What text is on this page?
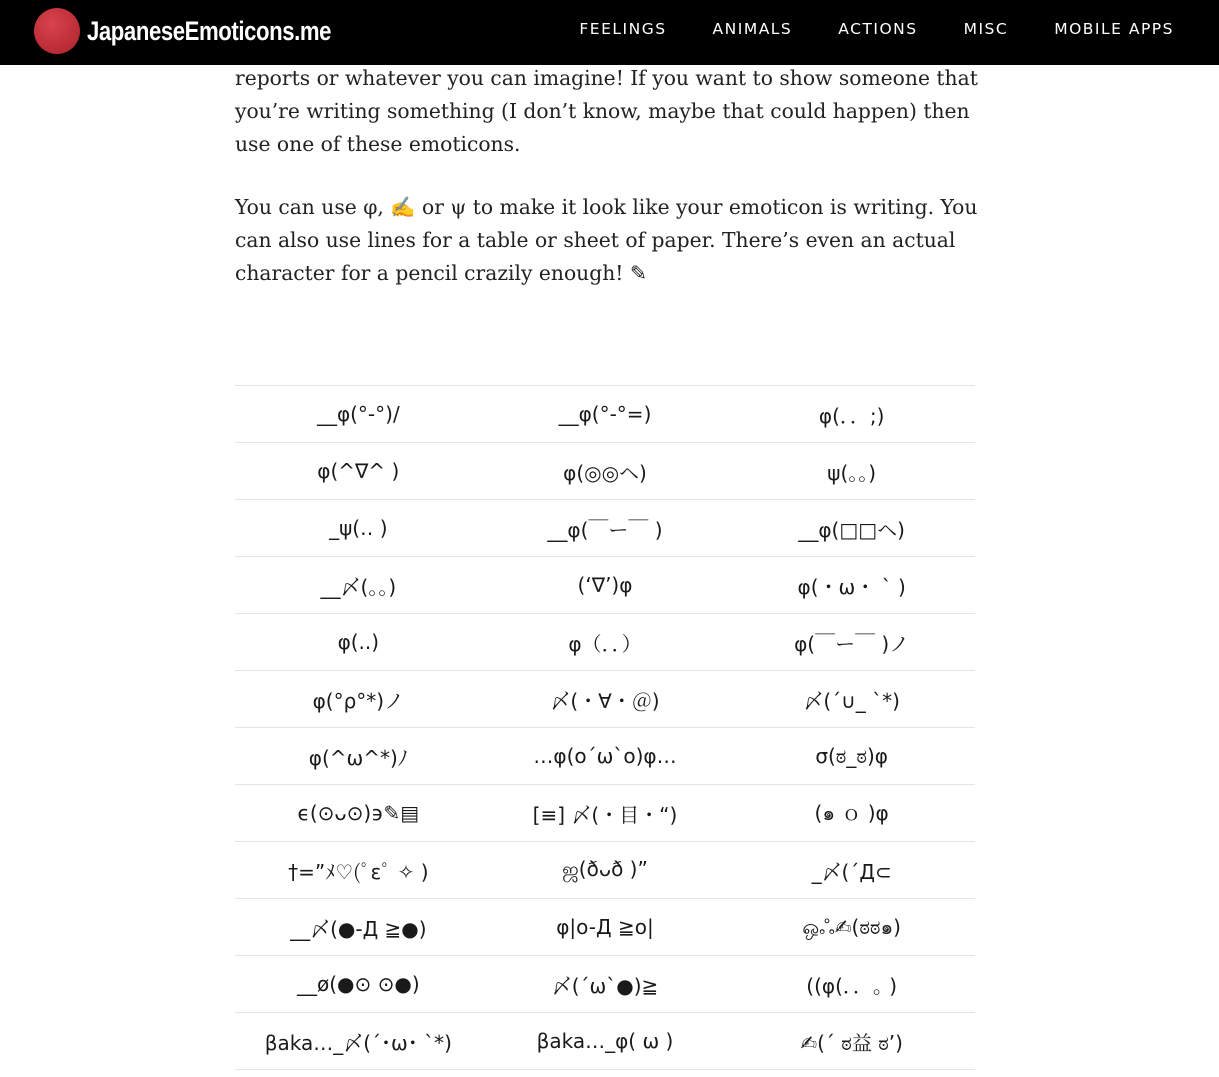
JapaneseEmoticons.me	FEELINGS	ANIMALS	ACTIONS	MISC	MOBILE APPS

reports or whatever you can imagine! If you want to show someone that you’re writing something (I don’t know, maybe that could happen) then use one of these emoticons.

You can use φ, ✍ or ψ to make it look like your emoticon is writing. You can also use lines for a table or sheet of paper. There’s even an actual character for a pencil crazily enough! ✎

__φ(°-°)/	__φ(°-°=)	φ(．．;)
φ(^∇^ )	φ(◎◎ヘ)	ψ(｡｡)
_ψ(‥ )	__φ(￣ー￣ )	__φ(□□ヘ)
__〆(｡｡)	(‘∇’)φ	φ(・ω・ ` )
φ(..)	φ（．．）	φ(￣ー￣ )ノ
φ(°ρ°*)ノ	〆(・∀・＠)	〆(´∪_ `*)
φ(^ω^*)ﾉ	…φ(o´ω`o)φ…	σ(ಠ_ಠ)φ
ϵ(⊙ᴗ⊙)϶✎▤	[≡] 〆(・目・“)	(๑ ｏ )φ
†=”ﾒ♡(ﾟεﾟ ✧ )	ஜ(ðᴗð )”	_〆(´Д⊂
__〆(●-Д ≧●)	φ|o-Д ≧o|	ஒஃ✍(ಠಠ๑)
__ø(●⊙ ⊙●)	〆(´ω`●)≧	((φ(．．｡ )
βaka…_〆(´･ω･ `*)	βaka…_φ( ω )	✍(´ ಠ益 ಠ’)
